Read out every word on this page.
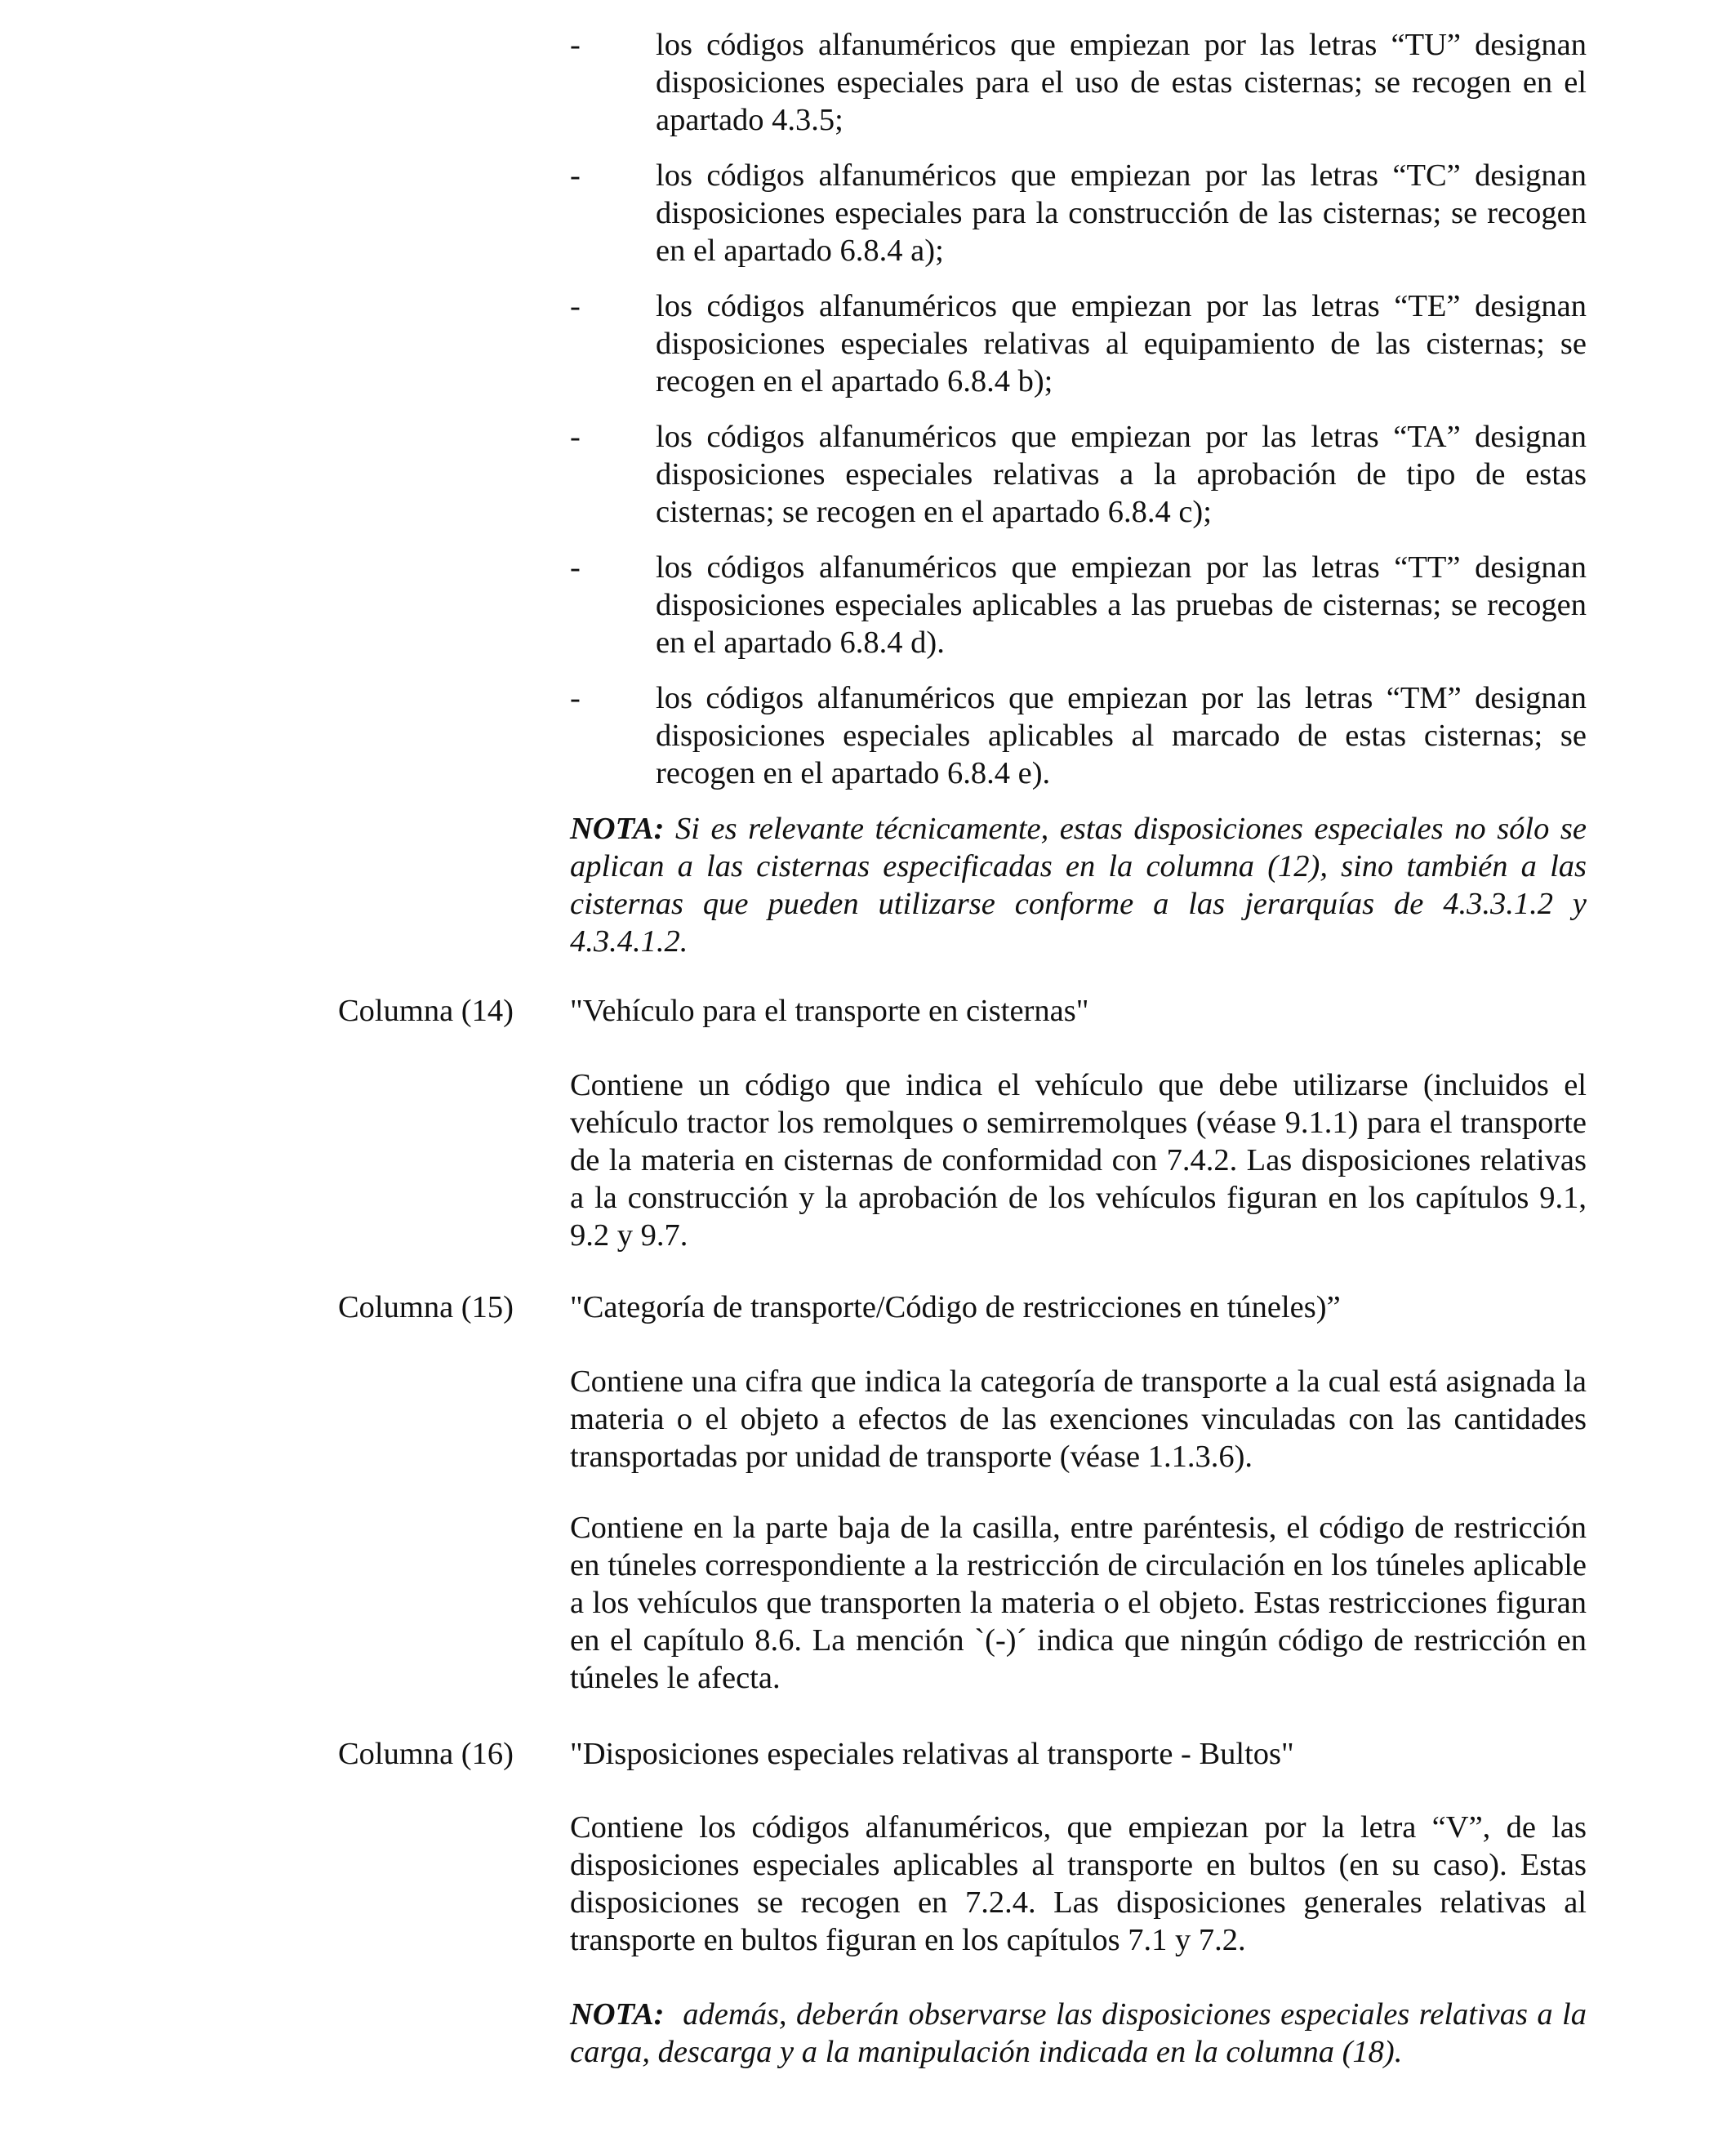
-	los códigos alfanuméricos que empiezan por las letras “TU” designan disposiciones especiales para el uso de estas cisternas; se recogen en el apartado 4.3.5;
-	los códigos alfanuméricos que empiezan por las letras “TC” designan disposiciones especiales para la construcción de las cisternas; se recogen en el apartado 6.8.4 a);
-	los códigos alfanuméricos que empiezan por las letras “TE” designan disposiciones especiales relativas al equipamiento de las cisternas; se recogen en el apartado 6.8.4 b);
-	los códigos alfanuméricos que empiezan por las letras “TA” designan disposiciones especiales relativas a la aprobación de tipo de estas cisternas; se recogen en el apartado 6.8.4 c);
-	los códigos alfanuméricos que empiezan por las letras “TT” designan disposiciones especiales aplicables a las pruebas de cisternas; se recogen en el apartado 6.8.4 d).
-	los códigos alfanuméricos que empiezan por las letras “TM” designan disposiciones especiales aplicables al marcado de estas cisternas; se recogen en el apartado 6.8.4 e).
NOTA: Si es relevante técnicamente, estas disposiciones especiales no sólo se aplican a las cisternas especificadas en la columna (12), sino también a las cisternas que pueden utilizarse conforme a las jerarquías de 4.3.3.1.2 y 4.3.4.1.2.
Columna (14)	"Vehículo para el transporte en cisternas"
Contiene un código que indica el vehículo que debe utilizarse (incluidos el vehículo tractor los remolques o semirremolques (véase 9.1.1) para el transporte de la materia en cisternas de conformidad con 7.4.2. Las disposiciones relativas a la construcción y la aprobación de los vehículos figuran en los capítulos 9.1, 9.2 y 9.7.
Columna (15)	"Categoría de transporte/Código de restricciones en túneles)”
Contiene una cifra que indica la categoría de transporte a la cual está asignada la materia o el objeto a efectos de las exenciones vinculadas con las cantidades transportadas por unidad de transporte (véase 1.1.3.6).
Contiene en la parte baja de la casilla, entre paréntesis, el código de restricción en túneles correspondiente a la restricción de circulación en los túneles aplicable a los vehículos que transporten la materia o el objeto. Estas restricciones figuran en el capítulo 8.6. La mención `(-)´ indica que ningún código de restricción en túneles le afecta.
Columna (16)	"Disposiciones especiales relativas al transporte - Bultos"
Contiene los códigos alfanuméricos, que empiezan por la letra “V”, de las disposiciones especiales aplicables al transporte en bultos (en su caso). Estas disposiciones se recogen en 7.2.4. Las disposiciones generales relativas al transporte en bultos figuran en los capítulos 7.1 y 7.2.
NOTA:  además, deberán observarse las disposiciones especiales relativas a la carga, descarga y a la manipulación indicada en la columna (18).
